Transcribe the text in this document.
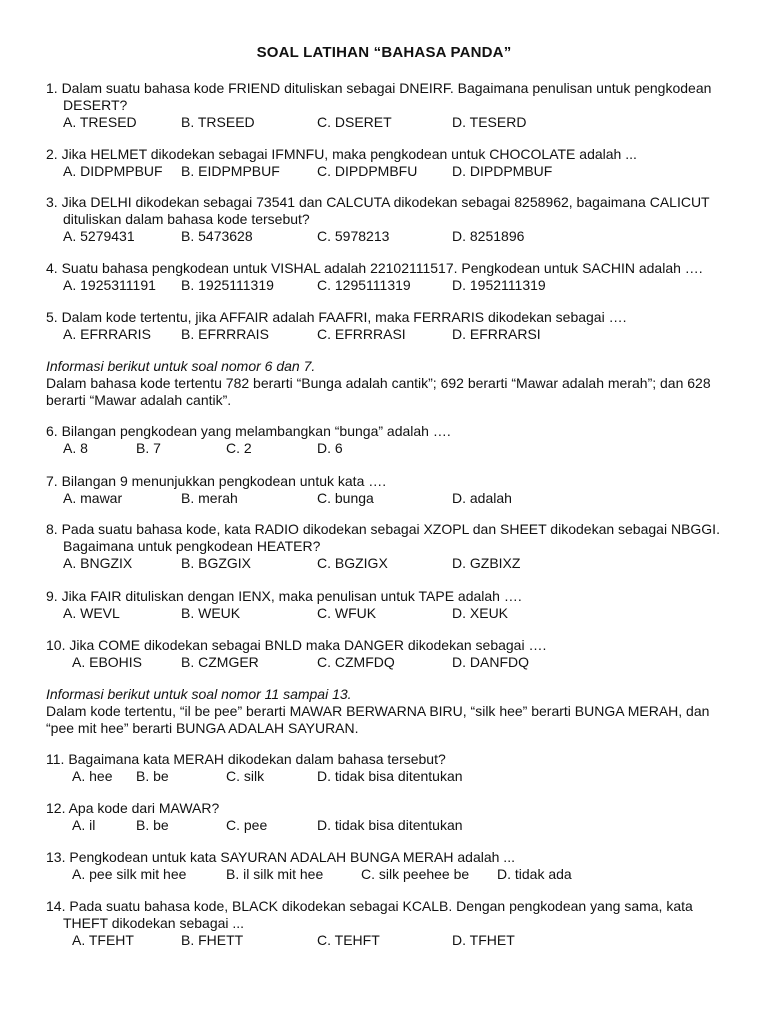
SOAL LATIHAN “BAHASA PANDA”
1. Dalam suatu bahasa kode FRIEND dituliskan sebagai DNEIRF. Bagaimana penulisan untuk pengkodean
DESERT?
A. TRESED	B. TRSEED	C. DSERET	D. TESERD
2. Jika HELMET dikodekan sebagai IFMNFU, maka pengkodean untuk CHOCOLATE adalah ...
A. DIDPMPBUF B. EIDPMPBUF	C. DIPDPMBFU D. DIPDPMBUF
3. Jika DELHI dikodekan sebagai 73541 dan CALCUTA dikodekan sebagai 8258962, bagaimana CALICUT
dituliskan dalam bahasa kode tersebut?
A. 5279431	B. 5473628	C. 5978213	D. 8251896
4. Suatu bahasa pengkodean untuk VISHAL adalah 22102111517. Pengkodean untuk SACHIN adalah ….
A. 1925311191 B. 1925111319	C. 1295111319	D. 1952111319
5. Dalam kode tertentu, jika AFFAIR adalah FAAFRI, maka FERRARIS dikodekan sebagai ….
A. EFRRARIS B. EFRRRAIS	C. EFRRRASI	D. EFRRARSI
Informasi berikut untuk soal nomor 6 dan 7.
Dalam bahasa kode tertentu 782 berarti “Bunga adalah cantik”; 692 berarti “Mawar adalah merah”; dan 628
berarti “Mawar adalah cantik”.
6. Bilangan pengkodean yang melambangkan “bunga” adalah ….
A. 8	B. 7	C. 2	D. 6
7. Bilangan 9 menunjukkan pengkodean untuk kata ….
A. mawar	B. merah	C. bunga	D. adalah
8. Pada suatu bahasa kode, kata RADIO dikodekan sebagai XZOPL dan SHEET dikodekan sebagai NBGGI.
Bagaimana untuk pengkodean HEATER?
A. BNGZIX	B. BGZGIX	C. BGZIGX	D. GZBIXZ
9. Jika FAIR dituliskan dengan IENX, maka penulisan untuk TAPE adalah ….
A. WEVL	B. WEUK	C. WFUK	D. XEUK
10. Jika COME dikodekan sebagai BNLD maka DANGER dikodekan sebagai ….
A. EBOHIS	B. CZMGER	C. CZMFDQ	D. DANFDQ
Informasi berikut untuk soal nomor 11 sampai 13.
Dalam kode tertentu, “il be pee” berarti MAWAR BERWARNA BIRU, “silk hee” berarti BUNGA MERAH, dan
“pee mit hee” berarti BUNGA ADALAH SAYURAN.
11. Bagaimana kata MERAH dikodekan dalam bahasa tersebut?
A. hee B. be	C. silk	D. tidak bisa ditentukan
12. Apa kode dari MAWAR?
A. il	B. be	C. pee	D. tidak bisa ditentukan
13. Pengkodean untuk kata SAYURAN ADALAH BUNGA MERAH adalah ...
A. pee silk mit hee	B. il silk mit hee	C. silk peehee be D. tidak ada
14. Pada suatu bahasa kode, BLACK dikodekan sebagai KCALB. Dengan pengkodean yang sama, kata
THEFT dikodekan sebagai ...
A. TFEHT	B. FHETT	C. TEHFT	D. TFHET
